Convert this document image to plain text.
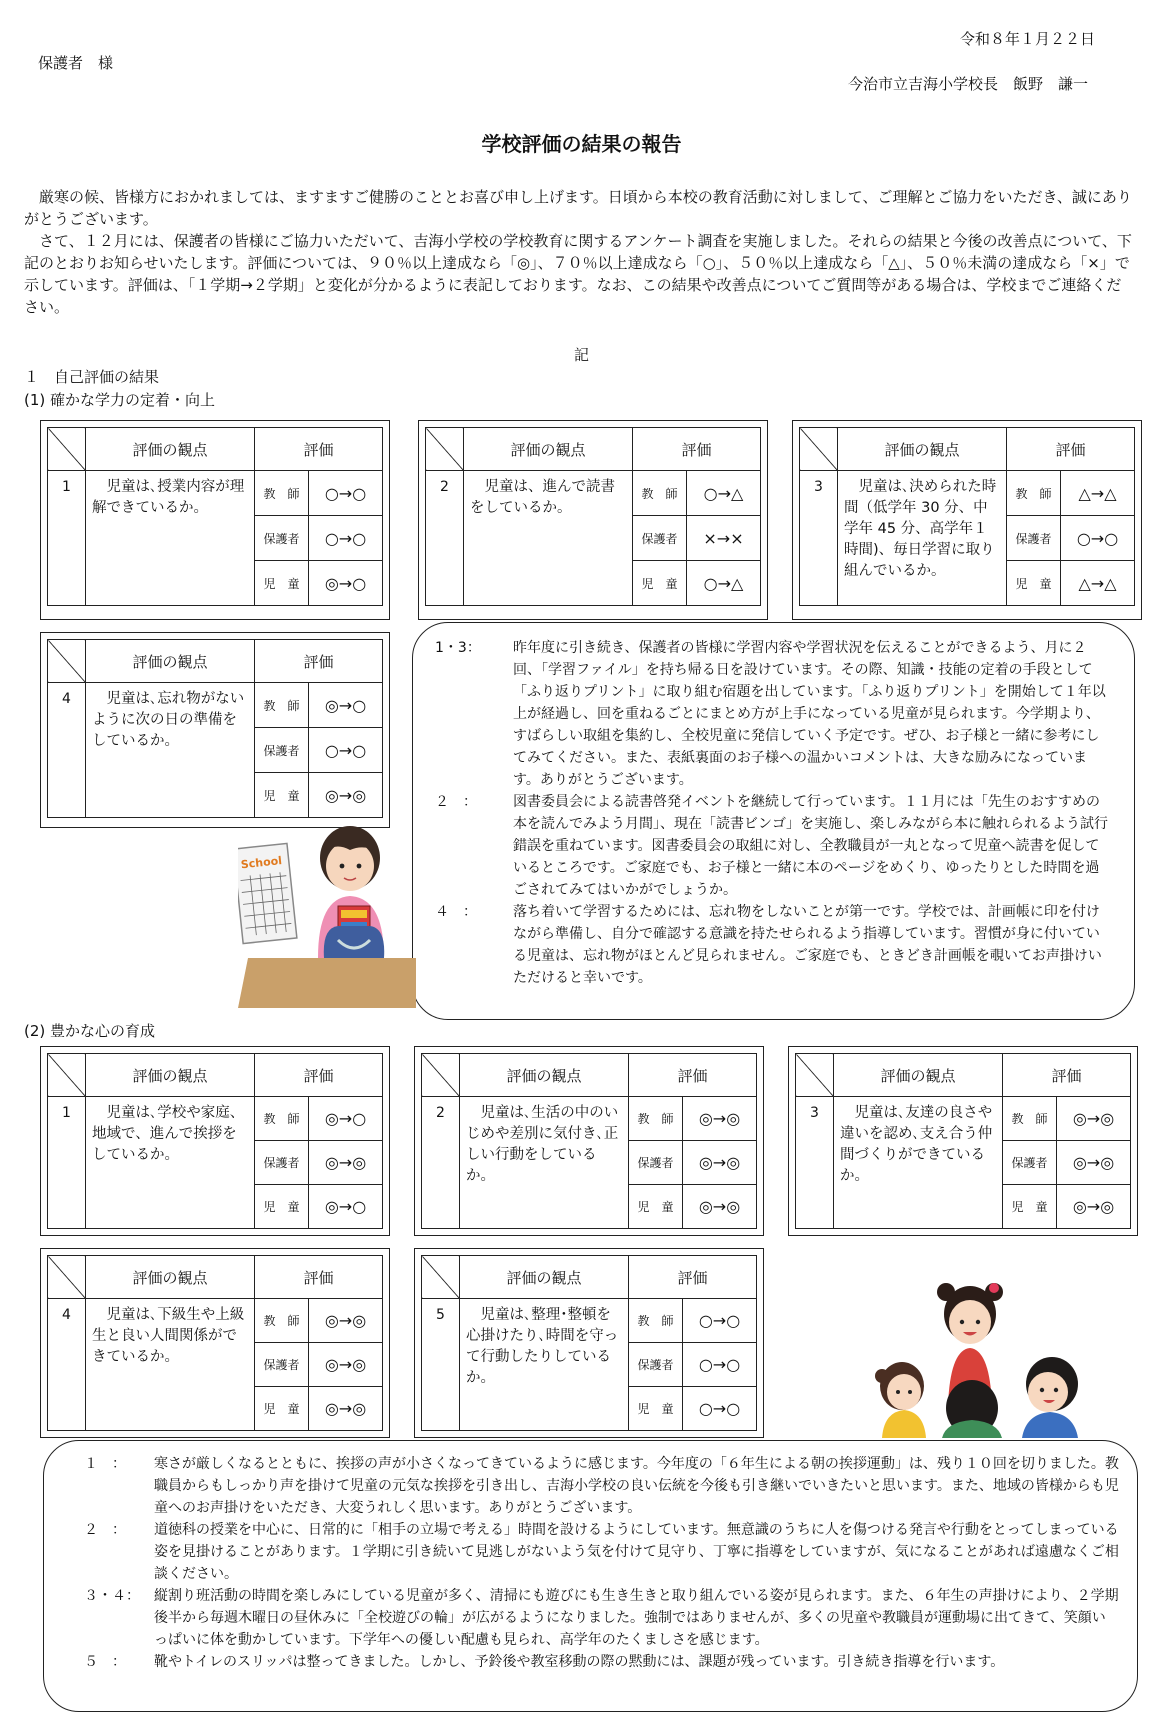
令和８年１月２２日
保護者　様
今治市立吉海小学校長　飯野　謙一
学校評価の結果の報告

厳寒の候、皆様方におかれましては、ますますご健勝のこととお喜び申し上げます。日頃から本校の教育活動に対しまして、ご理解とご協力をいただき、誠にありがとうございます。

さて、１２月には、保護者の皆様にご協力いただいて、吉海小学校の学校教育に関するアンケート調査を実施しました。それらの結果と今後の改善点について、下記のとおりお知らせいたします。評価については、９０％以上達成なら「◎」、７０％以上達成なら「○」、５０％以上達成なら「△」、５０％未満の達成なら「×」で示しています。評価は、「１学期→２学期」と変化が分かるように表記しております。なお、この結果や改善点についてご質問等がある場合は、学校までご連絡ください。

記
１　自己評価の結果
(1) 確かな学力の定着・向上
(2) 豊かな心の育成
	評価の観点	評価	
1	児童は､授業内容が理解できているか。	教　師	○→○
		保護者	○→○
		児　童	◎→○
	評価の観点	評価	
2	児童は、進んで読書をしているか。	教　師	○→△
		保護者	×→×
		児　童	○→△
	評価の観点	評価	
3	児童は､決められた時間（低学年 30 分、中学年 45 分、高学年１時間)、毎日学習に取り組んでいるか。	教　師	△→△
		保護者	○→○
		児　童	△→△
	評価の観点	評価	
4	児童は､忘れ物がないように次の日の準備をしているか。	教　師	◎→○
		保護者	○→○
		児　童	◎→◎
1・3：	昨年度に引き続き、保護者の皆様に学習内容や学習状況を伝えることができるよう、月に２回、「学習ファイル」を持ち帰る日を設けています。その際、知識・技能の定着の手段として「ふり返りプリント」に取り組む宿題を出しています。「ふり返りプリント」を開始して１年以上が経過し、回を重ねるごとにまとめ方が上手になっている児童が見られます。今学期より、すばらしい取組を集約し、全校児童に発信していく予定です。ぜひ、お子様と一緒に参考にしてみてください。また、表紙裏面のお子様への温かいコメントは、大きな励みになっています。ありがとうございます。
２　：	図書委員会による読書啓発イベントを継続して行っています。１１月には「先生のおすすめの本を読んでみよう月間」、現在「読書ビンゴ」を実施し、楽しみながら本に触れられるよう試行錯誤を重ねています。図書委員会の取組に対し、全教職員が一丸となって児童へ読書を促しているところです。ご家庭でも、お子様と一緒に本のページをめくり、ゆったりとした時間を過ごされてみてはいかがでしょうか。
４　：	落ち着いて学習するためには、忘れ物をしないことが第一です。学校では、計画帳に印を付けながら準備し、自分で確認する意識を持たせられるよう指導しています。習慣が身に付いている児童は、忘れ物がほとんど見られません。ご家庭でも、ときどき計画帳を覗いてお声掛けいただけると幸いです。
	評価の観点	評価	
1	児童は､学校や家庭、地域で、進んで挨拶をしているか。	教　師	◎→○
		保護者	◎→◎
		児　童	◎→○
	評価の観点	評価	
2	児童は､生活の中のいじめや差別に気付き､正しい行動をしているか。	教　師	◎→◎
		保護者	◎→◎
		児　童	◎→◎
	評価の観点	評価	
3	児童は､友達の良さや違いを認め､支え合う仲間づくりができているか。	教　師	◎→◎
		保護者	◎→◎
		児　童	◎→◎
	評価の観点	評価	
4	児童は､下級生や上級生と良い人間関係ができているか。	教　師	◎→◎
		保護者	◎→◎
		児　童	◎→◎
	評価の観点	評価	
5	児童は､整理･整頓を心掛けたり､時間を守って行動したりしているか。	教　師	○→○
		保護者	○→○
		児　童	○→○
１　：	寒さが厳しくなるとともに、挨拶の声が小さくなってきているように感じます。今年度の「６年生による朝の挨拶運動」は、残り１０回を切りました。教職員からもしっかり声を掛けて児童の元気な挨拶を引き出し、吉海小学校の良い伝統を今後も引き継いでいきたいと思います。また、地域の皆様からも児童へのお声掛けをいただき、大変うれしく思います。ありがとうございます。
２　：	道徳科の授業を中心に、日常的に「相手の立場で考える」時間を設けるようにしています。無意識のうちに人を傷つける発言や行動をとってしまっている姿を見掛けることがあります。１学期に引き続いて見逃しがないよう気を付けて見守り、丁寧に指導をしていますが、気になることがあれば遠慮なくご相談ください。
３・４：	縦割り班活動の時間を楽しみにしている児童が多く、清掃にも遊びにも生き生きと取り組んでいる姿が見られます。また、６年生の声掛けにより、２学期後半から毎週木曜日の昼休みに「全校遊びの輪」が広がるようになりました。強制ではありませんが、多くの児童や教職員が運動場に出てきて、笑顔いっぱいに体を動かしています。下学年への優しい配慮も見られ、高学年のたくましさを感じます。
５　：	靴やトイレのスリッパは整ってきました。しかし、予鈴後や教室移動の際の黙動には、課題が残っています。引き続き指導を行います。
School
